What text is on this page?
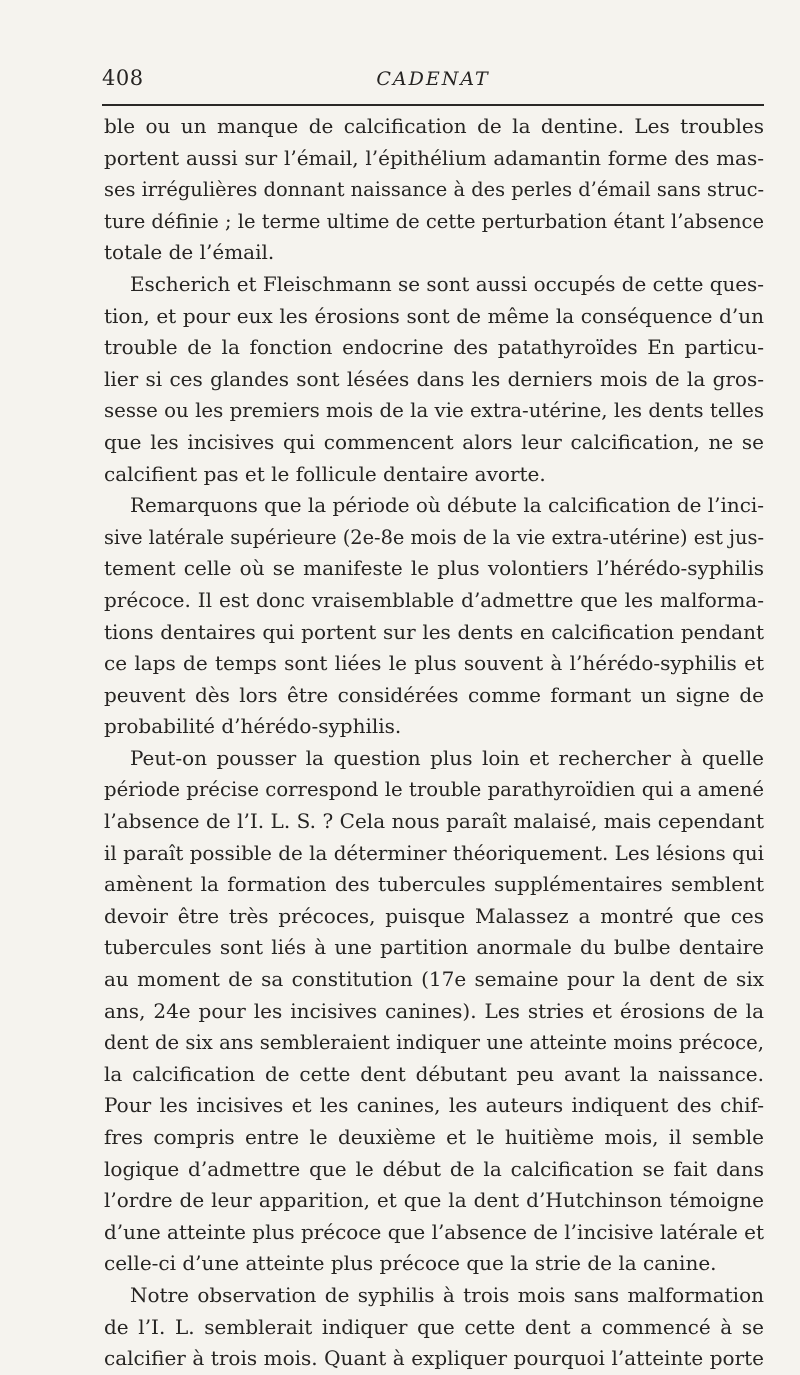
408	CADENAT
ble ou un manque de calcification de la dentine. Les troubles
portent aussi sur l’émail, l’épithélium adamantin forme des mas-
ses irrégulières donnant naissance à des perles d’émail sans struc-
ture définie ; le terme ultime de cette perturbation étant l’absence
totale de l’émail.
Escherich et Fleischmann se sont aussi occupés de cette ques-
tion, et pour eux les érosions sont de même la conséquence d’un
trouble de la fonction endocrine des patathyroïdes En particu-
lier si ces glandes sont lésées dans les derniers mois de la gros-
sesse ou les premiers mois de la vie extra-utérine, les dents telles
que les incisives qui commencent alors leur calcification, ne se
calcifient pas et le follicule dentaire avorte.
Remarquons que la période où débute la calcification de l’inci-
sive latérale supérieure (2e-8e mois de la vie extra-utérine) est jus-
tement celle où se manifeste le plus volontiers l’hérédo-syphilis
précoce. Il est donc vraisemblable d’admettre que les malforma-
tions dentaires qui portent sur les dents en calcification pendant
ce laps de temps sont liées le plus souvent à l’hérédo-syphilis et
peuvent dès lors être considérées comme formant un signe de
probabilité d’hérédo-syphilis.
Peut-on pousser la question plus loin et rechercher à quelle
période précise correspond le trouble parathyroïdien qui a amené
l’absence de l’I. L. S. ? Cela nous paraît malaisé, mais cependant
il paraît possible de la déterminer théoriquement. Les lésions qui
amènent la formation des tubercules supplémentaires semblent
devoir être très précoces, puisque Malassez a montré que ces
tubercules sont liés à une partition anormale du bulbe dentaire
au moment de sa constitution (17e semaine pour la dent de six
ans, 24e pour les incisives canines). Les stries et érosions de la
dent de six ans sembleraient indiquer une atteinte moins précoce,
la calcification de cette dent débutant peu avant la naissance.
Pour les incisives et les canines, les auteurs indiquent des chif-
fres compris entre le deuxième et le huitième mois, il semble
logique d’admettre que le début de la calcification se fait dans
l’ordre de leur apparition, et que la dent d’Hutchinson témoigne
d’une atteinte plus précoce que l’absence de l’incisive latérale et
celle-ci d’une atteinte plus précoce que la strie de la canine.
Notre observation de syphilis à trois mois sans malformation
de l’I. L. semblerait indiquer que cette dent a commencé à se
calcifier à trois mois. Quant à expliquer pourquoi l’atteinte porte
